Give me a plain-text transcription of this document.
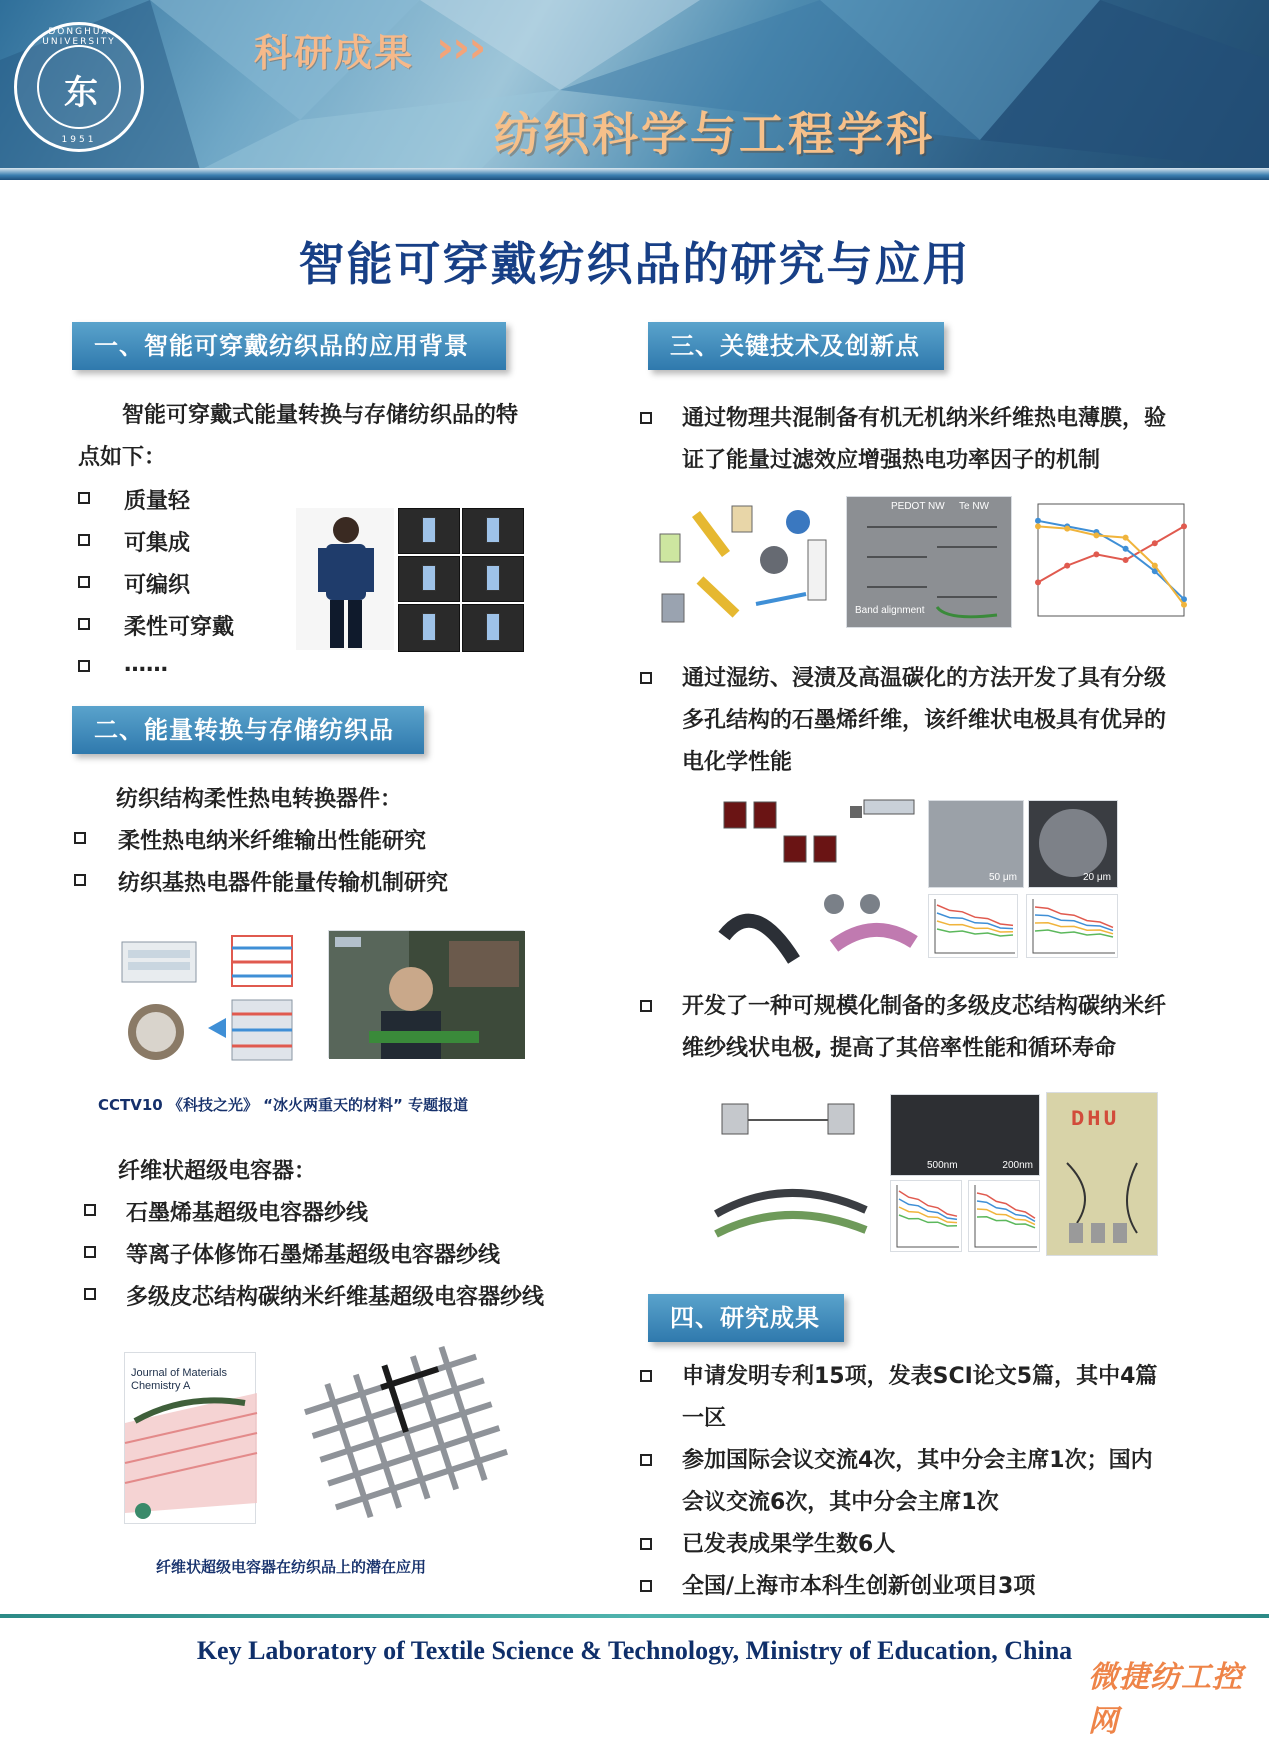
DONGHUA UNIVERSITY
东
1951
科研成果 ›››
纺织科学与工程学科
智能可穿戴纺织品的研究与应用
一、智能可穿戴纺织品的应用背景
智能可穿戴式能量转换与存储纺织品的特
点如下：
质量轻
可集成
可编织
柔性可穿戴
……
二、能量转换与存储纺织品
纺织结构柔性热电转换器件：
柔性热电纳米纤维输出性能研究
纺织基热电器件能量传输机制研究
CCTV10 《科技之光》 “冰火两重天的材料” 专题报道
纤维状超级电容器：
石墨烯基超级电容器纱线
等离子体修饰石墨烯基超级电容器纱线
多级皮芯结构碳纳米纤维基超级电容器纱线
Journal of Materials Chemistry A
纤维状超级电容器在纺织品上的潜在应用
三、关键技术及创新点
通过物理共混制备有机无机纳米纤维热电薄膜，验
证了能量过滤效应增强热电功率因子的机制
PEDOT NW Te NW
Band alignment
通过湿纺、浸渍及高温碳化的方法开发了具有分级
多孔结构的石墨烯纤维，该纤维状电极具有优异的
电化学性能
50 μm	20 μm
开发了一种可规模化制备的多级皮芯结构碳纳米纤
维纱线状电极, 提高了其倍率性能和循环寿命
500nm	200nm
DHU
四、研究成果
申请发明专利15项，发表SCI论文5篇，其中4篇
一区
参加国际会议交流4次，其中分会主席1次；国内
会议交流6次，其中分会主席1次
已发表成果学生数6人
全国/上海市本科生创新创业项目3项
Key Laboratory of Textile Science & Technology, Ministry of Education, China
微捷纺工控网
